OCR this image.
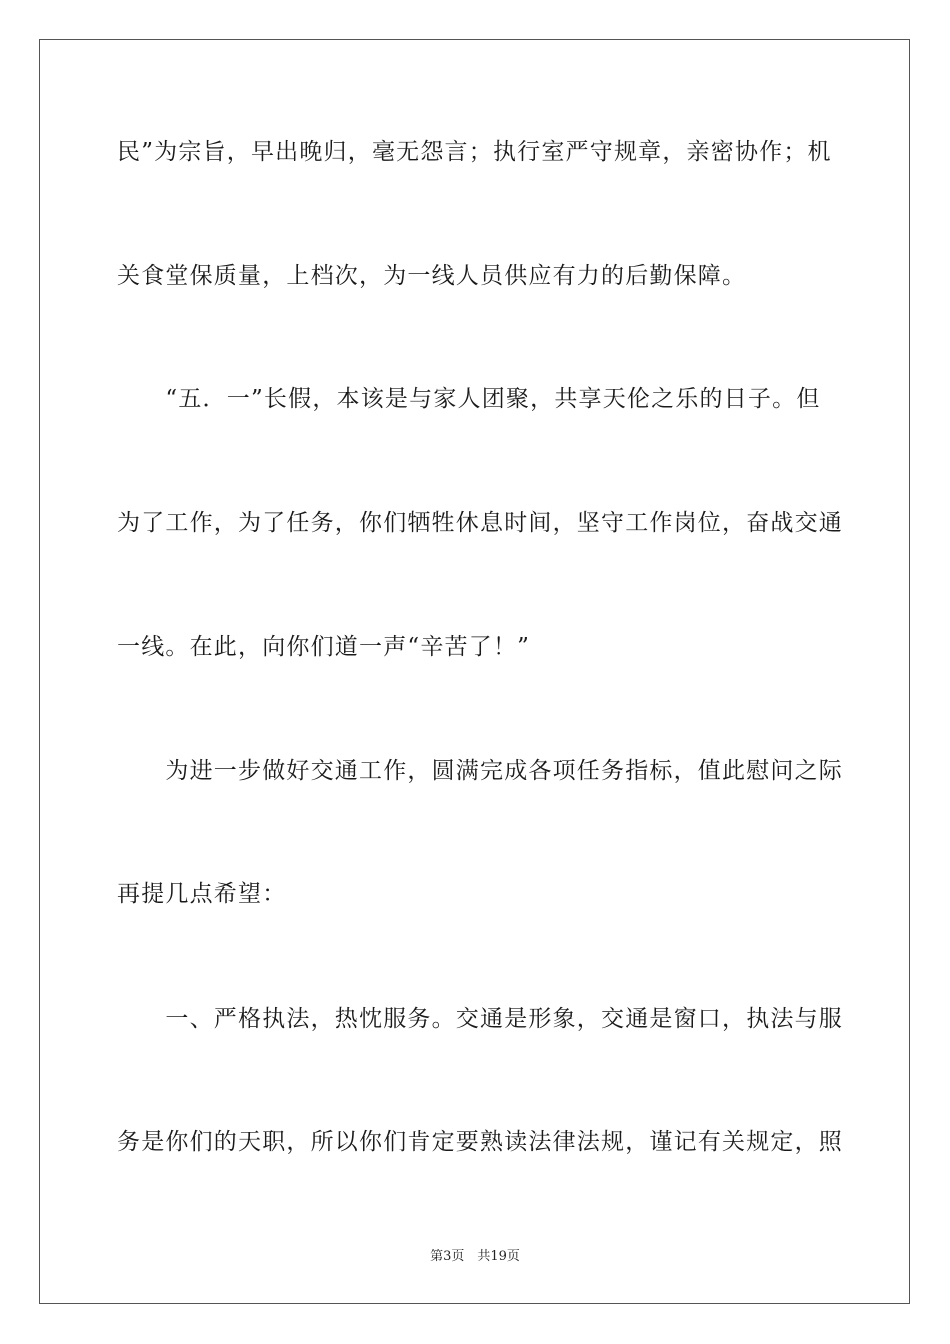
民”为宗旨，早出晚归，毫无怨言；执行室严守规章，亲密协作；机
关食堂保质量，上档次，为一线人员供应有力的后勤保障。
　　“五．一”长假，本该是与家人团聚，共享天伦之乐的日子。但
为了工作，为了任务，你们牺牲休息时间，坚守工作岗位，奋战交通
一线。在此，向你们道一声“辛苦了！”
　　为进一步做好交通工作，圆满完成各项任务指标，值此慰问之际
再提几点希望：
　　一、严格执法，热忱服务。交通是形象，交通是窗口，执法与服
务是你们的天职，所以你们肯定要熟读法律法规，谨记有关规定，照
第3页　共19页
